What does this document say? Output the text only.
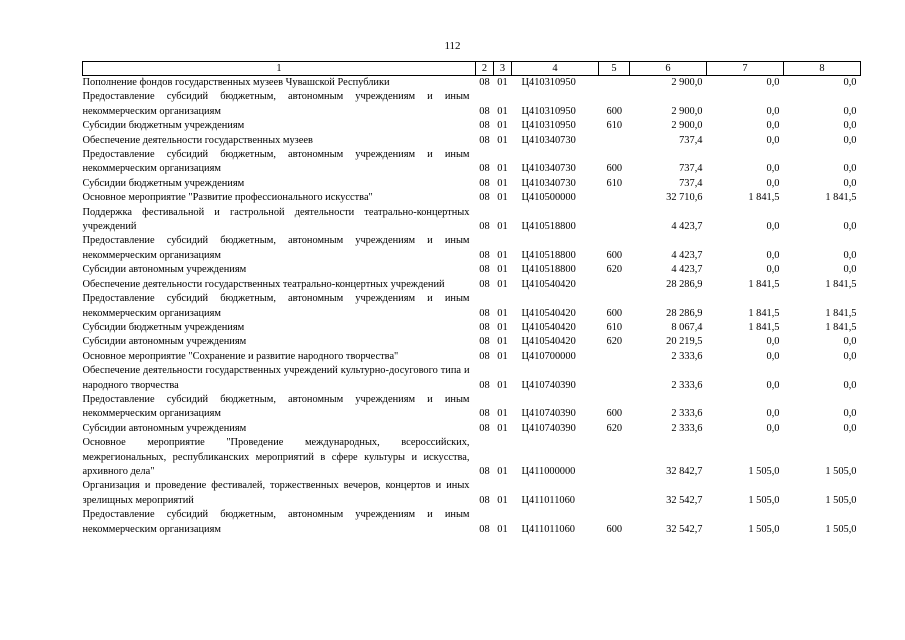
112
1	2	3	4	5	6	7	8
Пополнение фондов государственных музеев Чувашской Республики	08	01	Ц410310950		2 900,0	0,0	0,0
Предоставление субсидий бюджетным, автономным учреждениям и иным некоммерческим организациям	08	01	Ц410310950	600	2 900,0	0,0	0,0
Субсидии бюджетным учреждениям	08	01	Ц410310950	610	2 900,0	0,0	0,0
Обеспечение деятельности государственных музеев	08	01	Ц410340730		737,4	0,0	0,0
Предоставление субсидий бюджетным, автономным учреждениям и иным некоммерческим организациям	08	01	Ц410340730	600	737,4	0,0	0,0
Субсидии бюджетным учреждениям	08	01	Ц410340730	610	737,4	0,0	0,0
Основное мероприятие "Развитие профессионального искусства"	08	01	Ц410500000		32 710,6	1 841,5	1 841,5
Поддержка фестивальной и гастрольной деятельности театрально-концертных учреждений	08	01	Ц410518800		4 423,7	0,0	0,0
Предоставление субсидий бюджетным, автономным учреждениям и иным некоммерческим организациям	08	01	Ц410518800	600	4 423,7	0,0	0,0
Субсидии автономным учреждениям	08	01	Ц410518800	620	4 423,7	0,0	0,0
Обеспечение деятельности государственных театрально-концертных учреждений	08	01	Ц410540420		28 286,9	1 841,5	1 841,5
Предоставление субсидий бюджетным, автономным учреждениям и иным некоммерческим организациям	08	01	Ц410540420	600	28 286,9	1 841,5	1 841,5
Субсидии бюджетным учреждениям	08	01	Ц410540420	610	8 067,4	1 841,5	1 841,5
Субсидии автономным учреждениям	08	01	Ц410540420	620	20 219,5	0,0	0,0
Основное мероприятие "Сохранение и развитие народного творчества"	08	01	Ц410700000		2 333,6	0,0	0,0
Обеспечение деятельности государственных учреждений культурно-досугового типа и народного творчества	08	01	Ц410740390		2 333,6	0,0	0,0
Предоставление субсидий бюджетным, автономным учреждениям и иным некоммерческим организациям	08	01	Ц410740390	600	2 333,6	0,0	0,0
Субсидии автономным учреждениям	08	01	Ц410740390	620	2 333,6	0,0	0,0
Основное мероприятие "Проведение международных, всероссийских, межрегиональных, республиканских мероприятий в сфере культуры и искусства, архивного дела"	08	01	Ц411000000		32 842,7	1 505,0	1 505,0
Организация и проведение фестивалей, торжественных вечеров, концертов и иных зрелищных мероприятий	08	01	Ц411011060		32 542,7	1 505,0	1 505,0
Предоставление субсидий бюджетным, автономным учреждениям и иным некоммерческим организациям	08	01	Ц411011060	600	32 542,7	1 505,0	1 505,0
